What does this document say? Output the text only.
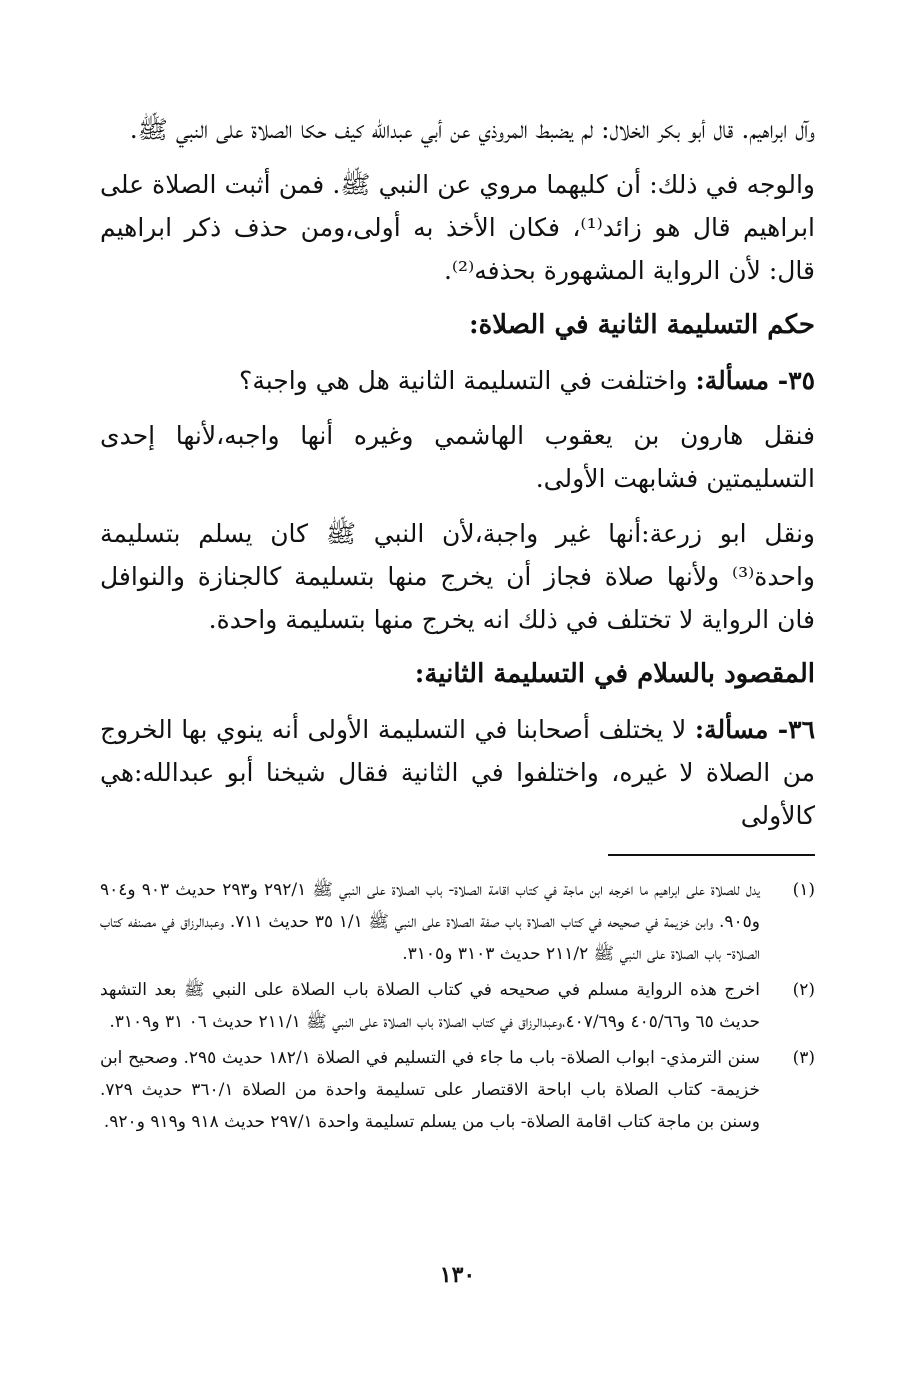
وآل ابراهيم. قال أبو بكر الخلال: لم يضبط المروذي عن أبي عبدالله كيف حكا الصلاة على النبي ﷺ.

والوجه في ذلك: أن كليهما مروي عن النبي ﷺ. فمن أثبت الصلاة على ابراهيم قال هو زائد⁽¹⁾، فكان الأخذ به أولى،ومن حذف ذكر ابراهيم قال: لأن الرواية المشهورة بحذفه⁽²⁾.

حكم التسليمة الثانية في الصلاة:

٣٥- مسألة: واختلفت في التسليمة الثانية هل هي واجبة؟

فنقل هارون بن يعقوب الهاشمي وغيره أنها واجبه،لأنها إحدى التسليمتين فشابهت الأولى.

ونقل ابو زرعة:أنها غير واجبة،لأن النبي ﷺ كان يسلم بتسليمة واحدة⁽³⁾ ولأنها صلاة فجاز أن يخرج منها بتسليمة كالجنازة والنوافل فان الرواية لا تختلف في ذلك انه يخرج منها بتسليمة واحدة.

المقصود بالسلام في التسليمة الثانية:

٣٦- مسألة: لا يختلف أصحابنا في التسليمة الأولى أنه ينوي بها الخروج من الصلاة لا غيره، واختلفوا في الثانية فقال شيخنا أبو عبدالله:هي كالأولى

(١)
يدل للصلاة على ابراهيم ما اخرجه ابن ماجة في كتاب اقامة الصلاة- باب الصلاة على النبي ﷺ ٢٩٢/١ و٢٩٣ حديث ٩٠٣ و٩٠٤ و٩٠٥. وابن خزيمة في صحيحه في كتاب الصلاة باب صفة الصلاة على النبي ﷺ ١/١ ٣٥ حديث ٧١١. وعبدالرزاق في مصنفه كتاب الصلاة- باب الصلاة على النبي ﷺ ٢١١/٢ حديث ٣١٠٣ و٣١٠٥.
(٢)
اخرج هذه الرواية مسلم في صحيحه في كتاب الصلاة باب الصلاة على النبي ﷺ بعد التشهد حديث ٦٥ و٤٠٥/٦٦ و٤٠٧/٦٩،وعبدالرزاق في كتاب الصلاة باب الصلاة على النبي ﷺ ٢١١/١ حديث ٠٦ ٣١ و٣١٠٩.
(٣)
سنن الترمذي- ابواب الصلاة- باب ما جاء في التسليم في الصلاة ١٨٢/١ حديث ٢٩٥. وصحيح ابن خزيمة- كتاب الصلاة باب اباحة الاقتصار على تسليمة واحدة من الصلاة ٣٦٠/١ حديث ٧٢٩. وسنن بن ماجة كتاب اقامة الصلاة- باب من يسلم تسليمة واحدة ٢٩٧/١ حديث ٩١٨ و٩١٩ و٩٢٠.
١٣٠
